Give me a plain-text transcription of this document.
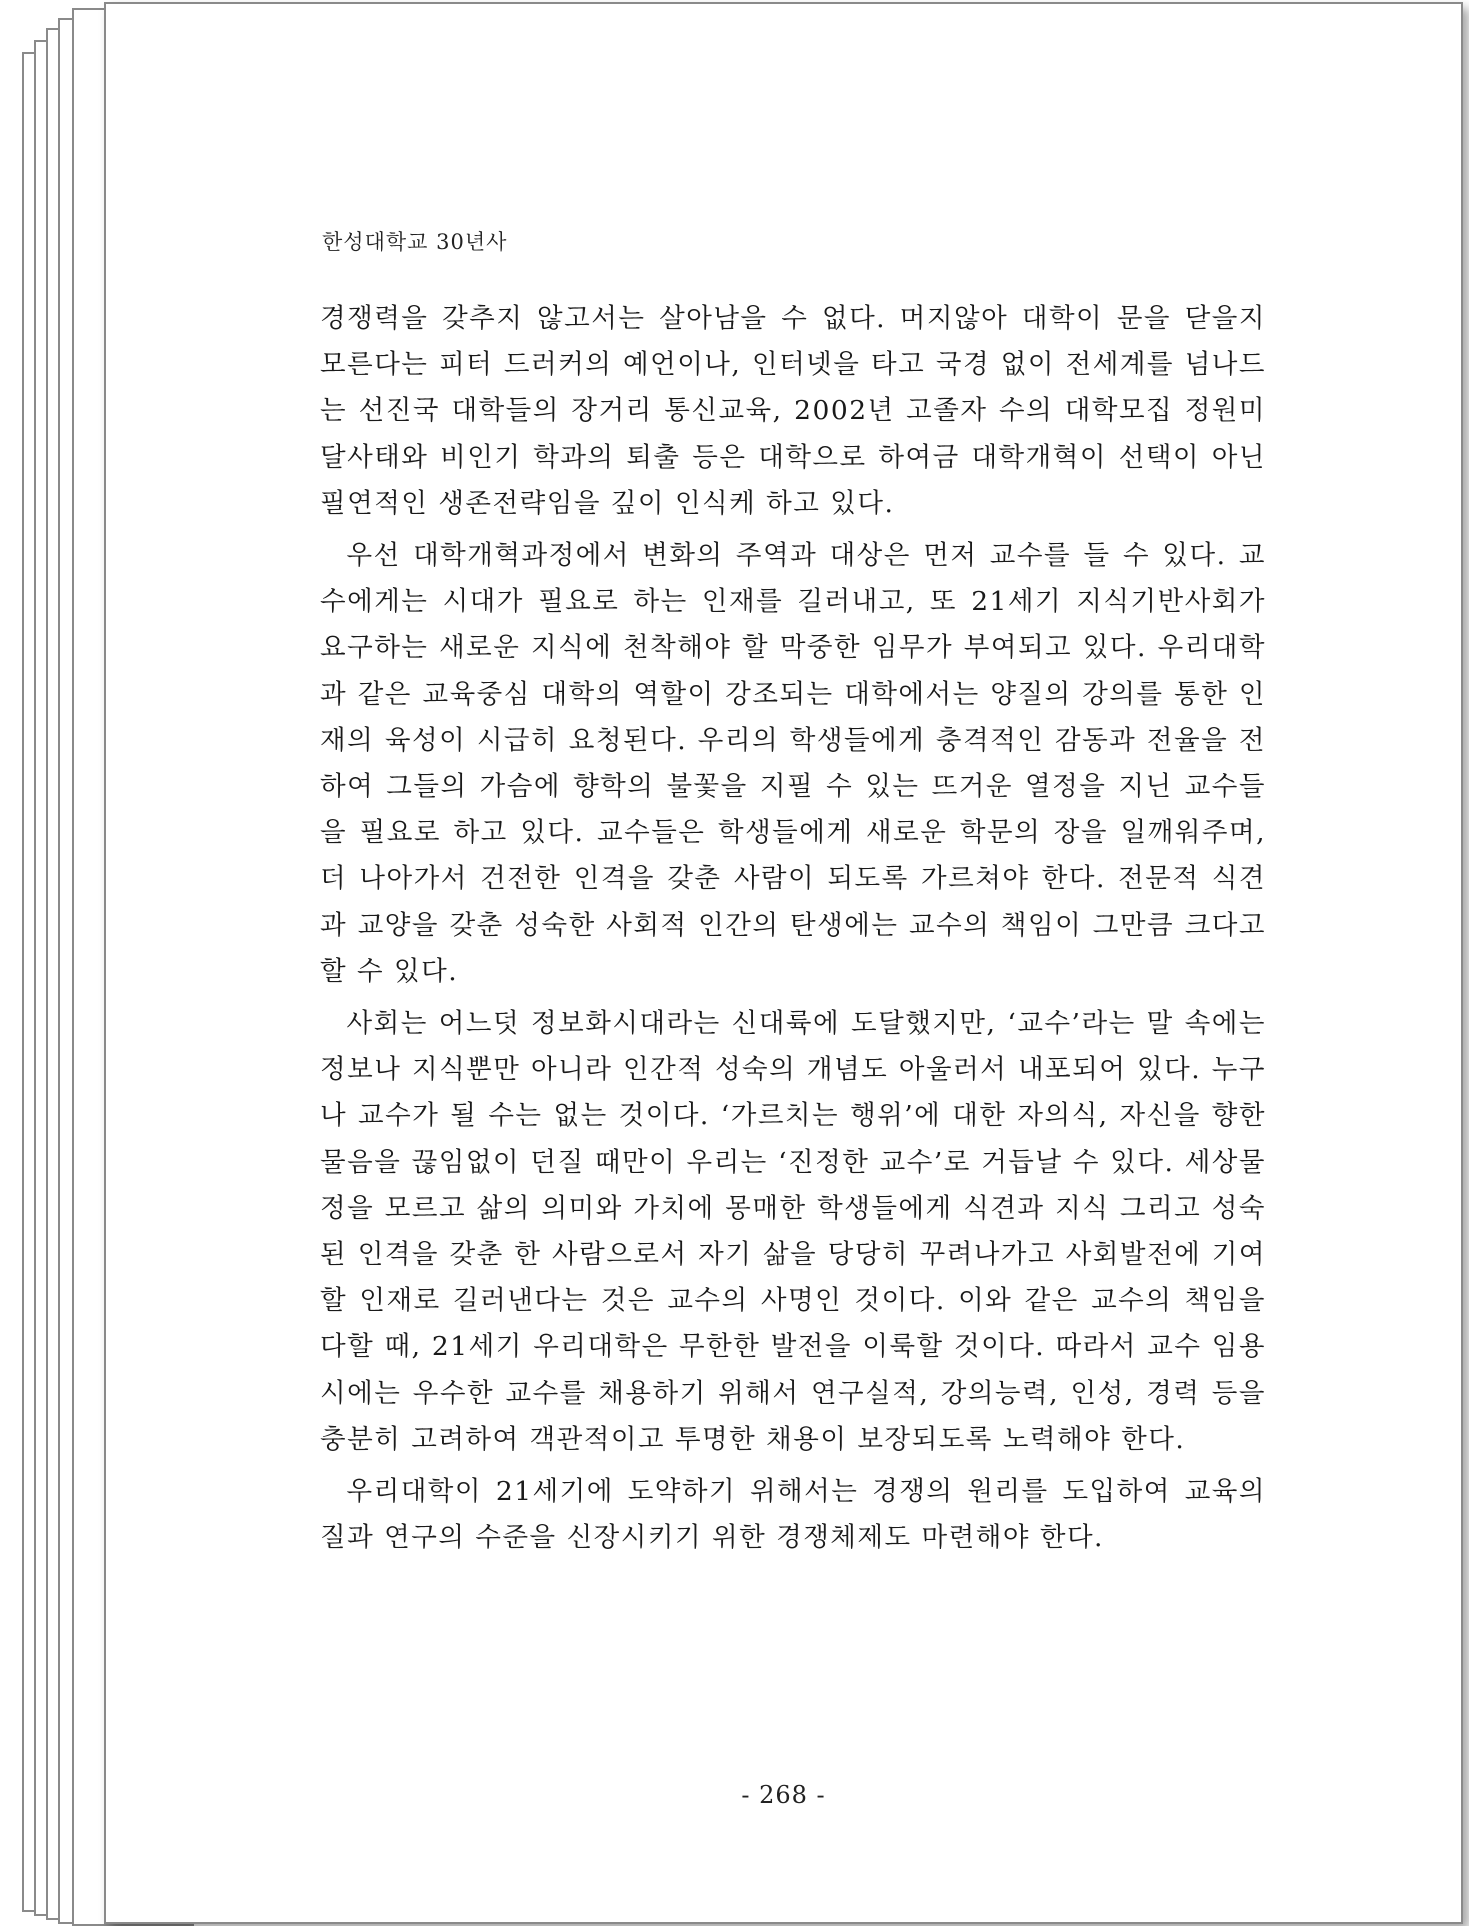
한성대학교 30년사

경쟁력을 갖추지 않고서는 살아남을 수 없다. 머지않아 대학이 문을 닫을지 모른다는 피터 드러커의 예언이나, 인터넷을 타고 국경 없이 전세계를 넘나드는 선진국 대학들의 장거리 통신교육, 2002년 고졸자 수의 대학모집 정원미달사태와 비인기 학과의 퇴출 등은 대학으로 하여금 대학개혁이 선택이 아닌 필연적인 생존전략임을 깊이 인식케 하고 있다.

우선 대학개혁과정에서 변화의 주역과 대상은 먼저 교수를 들 수 있다. 교수에게는 시대가 필요로 하는 인재를 길러내고, 또 21세기 지식기반사회가 요구하는 새로운 지식에 천착해야 할 막중한 임무가 부여되고 있다. 우리대학과 같은 교육중심 대학의 역할이 강조되는 대학에서는 양질의 강의를 통한 인재의 육성이 시급히 요청된다. 우리의 학생들에게 충격적인 감동과 전율을 전하여 그들의 가슴에 향학의 불꽃을 지필 수 있는 뜨거운 열정을 지닌 교수들을 필요로 하고 있다. 교수들은 학생들에게 새로운 학문의 장을 일깨워주며, 더 나아가서 건전한 인격을 갖춘 사람이 되도록 가르쳐야 한다. 전문적 식견과 교양을 갖춘 성숙한 사회적 인간의 탄생에는 교수의 책임이 그만큼 크다고 할 수 있다.

사회는 어느덧 정보화시대라는 신대륙에 도달했지만, ‘교수’라는 말 속에는 정보나 지식뿐만 아니라 인간적 성숙의 개념도 아울러서 내포되어 있다. 누구나 교수가 될 수는 없는 것이다. ‘가르치는 행위’에 대한 자의식, 자신을 향한 물음을 끊임없이 던질 때만이 우리는 ‘진정한 교수’로 거듭날 수 있다. 세상물정을 모르고 삶의 의미와 가치에 몽매한 학생들에게 식견과 지식 그리고 성숙된 인격을 갖춘 한 사람으로서 자기 삶을 당당히 꾸려나가고 사회발전에 기여할 인재로 길러낸다는 것은 교수의 사명인 것이다. 이와 같은 교수의 책임을 다할 때, 21세기 우리대학은 무한한 발전을 이룩할 것이다. 따라서 교수 임용시에는 우수한 교수를 채용하기 위해서 연구실적, 강의능력, 인성, 경력 등을 충분히 고려하여 객관적이고 투명한 채용이 보장되도록 노력해야 한다.

우리대학이 21세기에 도약하기 위해서는 경쟁의 원리를 도입하여 교육의 질과 연구의 수준을 신장시키기 위한 경쟁체제도 마련해야 한다.

- 268 -
